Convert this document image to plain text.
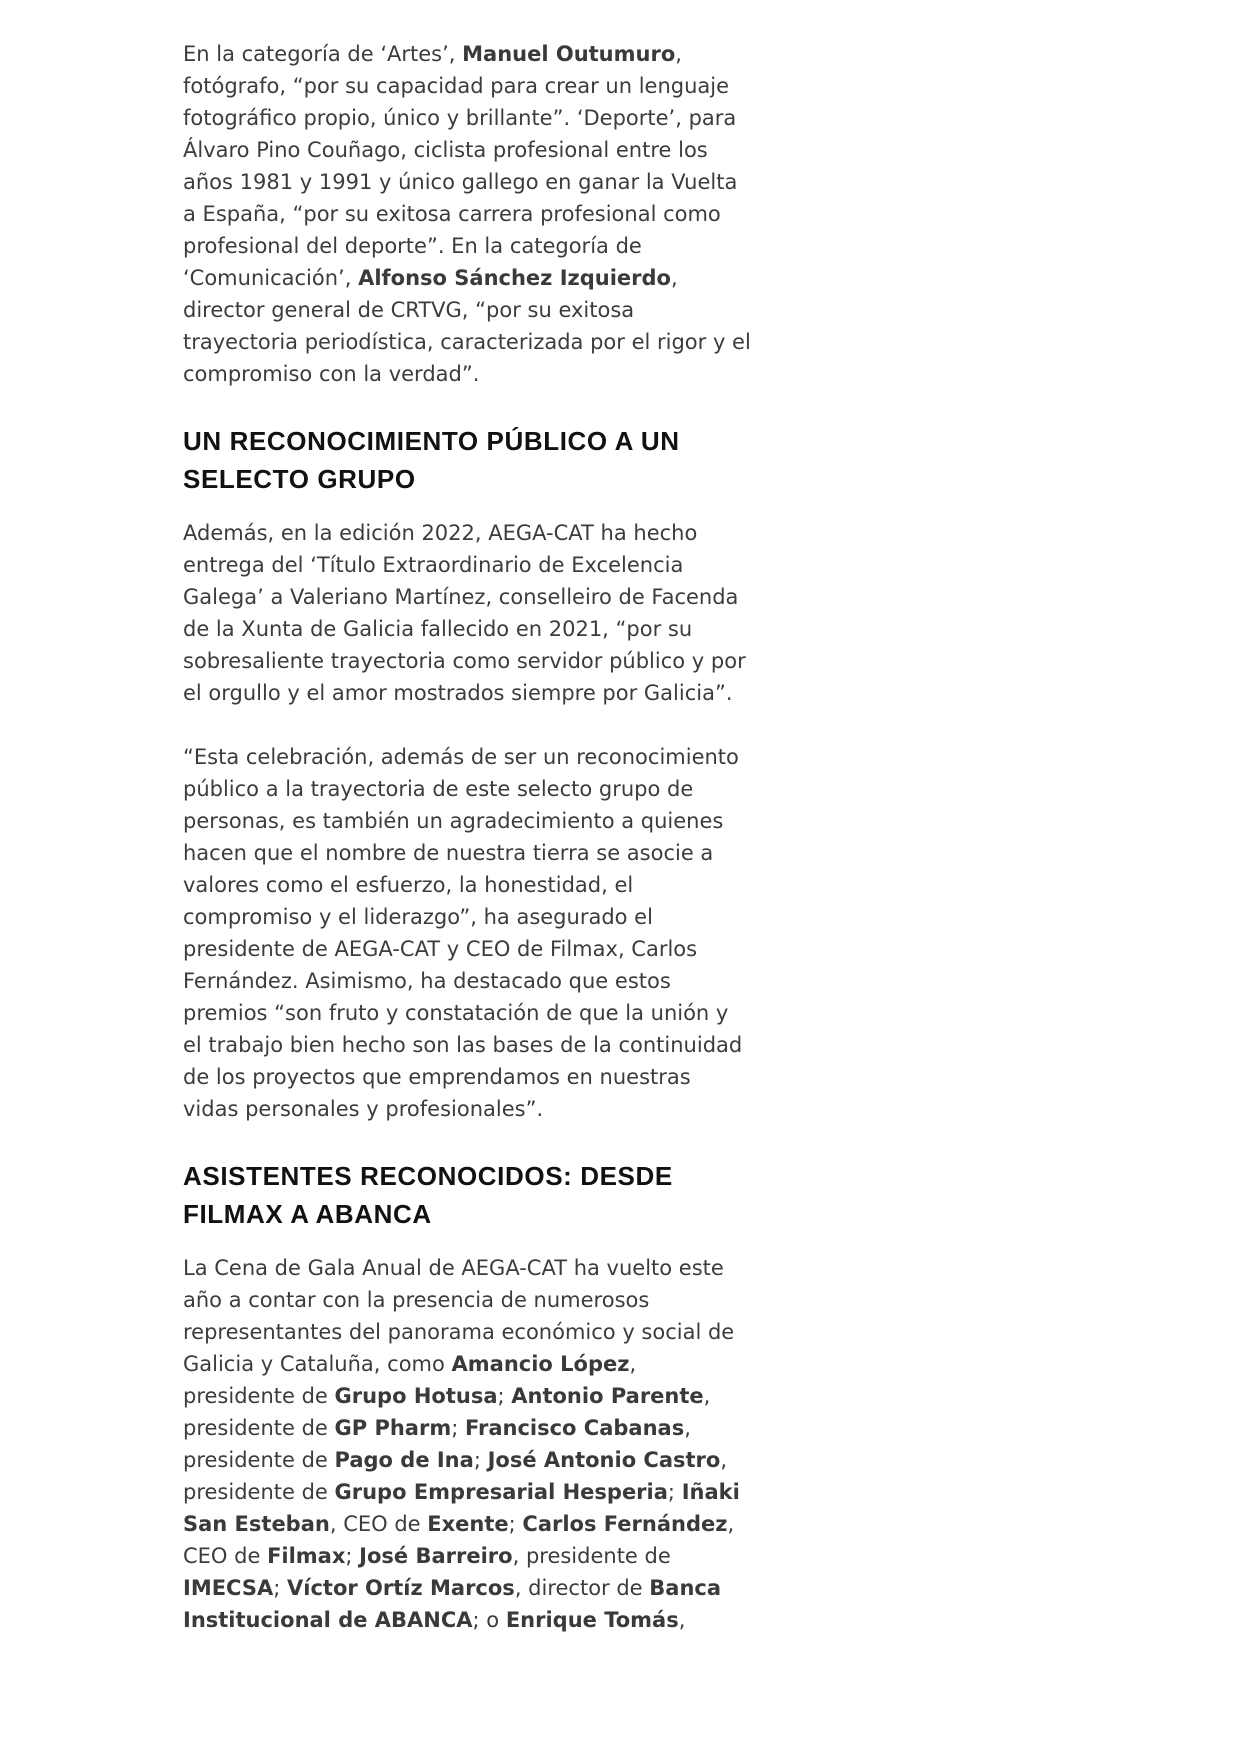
En la categoría de ‘Artes’, Manuel Outumuro,
fotógrafo, “por su capacidad para crear un lenguaje
fotográfico propio, único y brillante”. ‘Deporte’, para
Álvaro Pino Couñago, ciclista profesional entre los
años 1981 y 1991 y único gallego en ganar la Vuelta
a España, “por su exitosa carrera profesional como
profesional del deporte”. En la categoría de
‘Comunicación’, Alfonso Sánchez Izquierdo,
director general de CRTVG, “por su exitosa
trayectoria periodística, caracterizada por el rigor y el
compromiso con la verdad”.

UN RECONOCIMIENTO PÚBLICO A UN
SELECTO GRUPO

Además, en la edición 2022, AEGA-CAT ha hecho
entrega del ‘Título Extraordinario de Excelencia
Galega’ a Valeriano Martínez, conselleiro de Facenda
de la Xunta de Galicia fallecido en 2021, “por su
sobresaliente trayectoria como servidor público y por
el orgullo y el amor mostrados siempre por Galicia”.

“Esta celebración, además de ser un reconocimiento
público a la trayectoria de este selecto grupo de
personas, es también un agradecimiento a quienes
hacen que el nombre de nuestra tierra se asocie a
valores como el esfuerzo, la honestidad, el
compromiso y el liderazgo”, ha asegurado el
presidente de AEGA-CAT y CEO de Filmax, Carlos
Fernández. Asimismo, ha destacado que estos
premios “son fruto y constatación de que la unión y
el trabajo bien hecho son las bases de la continuidad
de los proyectos que emprendamos en nuestras
vidas personales y profesionales”.

ASISTENTES RECONOCIDOS: DESDE
FILMAX A ABANCA

La Cena de Gala Anual de AEGA-CAT ha vuelto este
año a contar con la presencia de numerosos
representantes del panorama económico y social de
Galicia y Cataluña, como Amancio López,
presidente de Grupo Hotusa; Antonio Parente,
presidente de GP Pharm; Francisco Cabanas,
presidente de Pago de Ina; José Antonio Castro,
presidente de Grupo Empresarial Hesperia; Iñaki
San Esteban, CEO de Exente; Carlos Fernández,
CEO de Filmax; José Barreiro, presidente de
IMECSA; Víctor Ortíz Marcos, director de Banca
Institucional de ABANCA; o Enrique Tomás,
